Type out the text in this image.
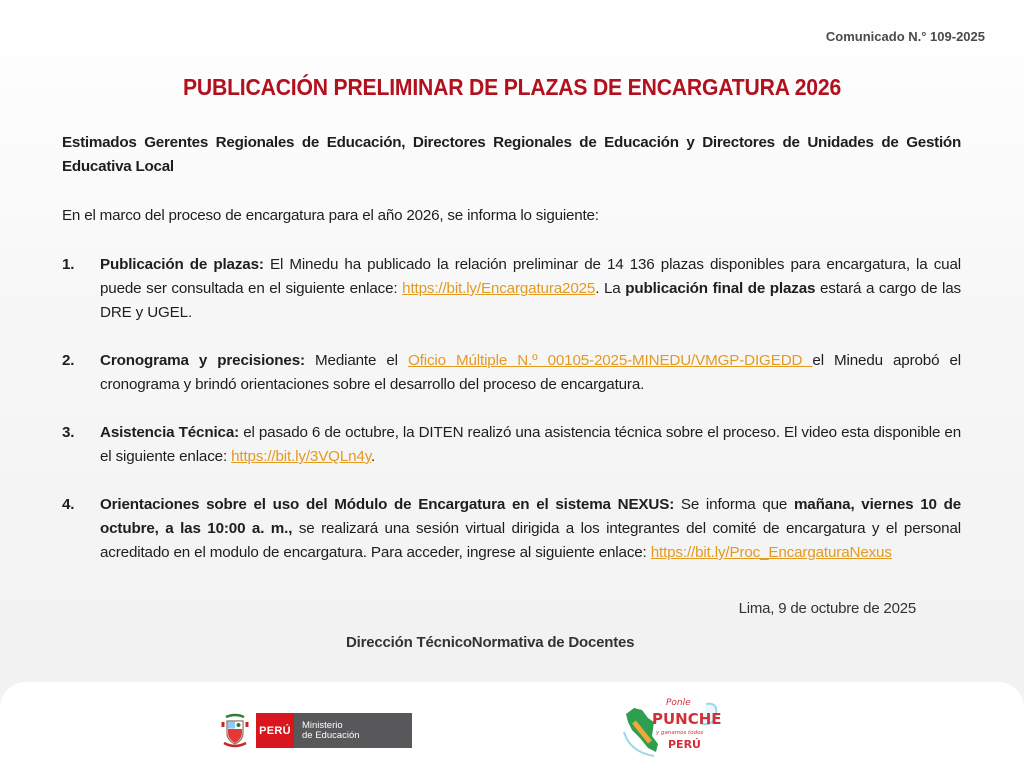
Comunicado N.° 109-2025
PUBLICACIÓN PRELIMINAR DE PLAZAS DE ENCARGATURA 2026

Estimados Gerentes Regionales de Educación, Directores Regionales de Educación y Directores de Unidades de Gestión Educativa Local

En el marco del proceso de encargatura para el año 2026, se informa lo siguiente:

1. Publicación de plazas: El Minedu ha publicado la relación preliminar de 14 136 plazas disponibles para encargatura, la cual puede ser consultada en el siguiente enlace: https://bit.ly/Encargatura2025. La publicación final de plazas estará a cargo de las DRE y UGEL.
2. Cronograma y precisiones: Mediante el Oficio Múltiple N.º 00105-2025-MINEDU/VMGP-DIGEDD el Minedu aprobó el cronograma y brindó orientaciones sobre el desarrollo del proceso de encargatura.
3. Asistencia Técnica: el pasado 6 de octubre, la DITEN realizó una asistencia técnica sobre el proceso. El video esta disponible en el siguiente enlace: https://bit.ly/3VQLn4y.
4. Orientaciones sobre el uso del Módulo de Encargatura en el sistema NEXUS: Se informa que mañana, viernes 10 de octubre, a las 10:00 a. m., se realizará una sesión virtual dirigida a los integrantes del comité de encargatura y el personal acreditado en el modulo de encargatura. Para acceder, ingrese al siguiente enlace: https://bit.ly/Proc_EncargaturaNexus
Lima, 9 de octubre de 2025
Dirección TécnicoNormativa de Docentes
PERÚ	Ministerio
de Educación
Ponle
PUNCHE
y ganamos todos
PERÚ
